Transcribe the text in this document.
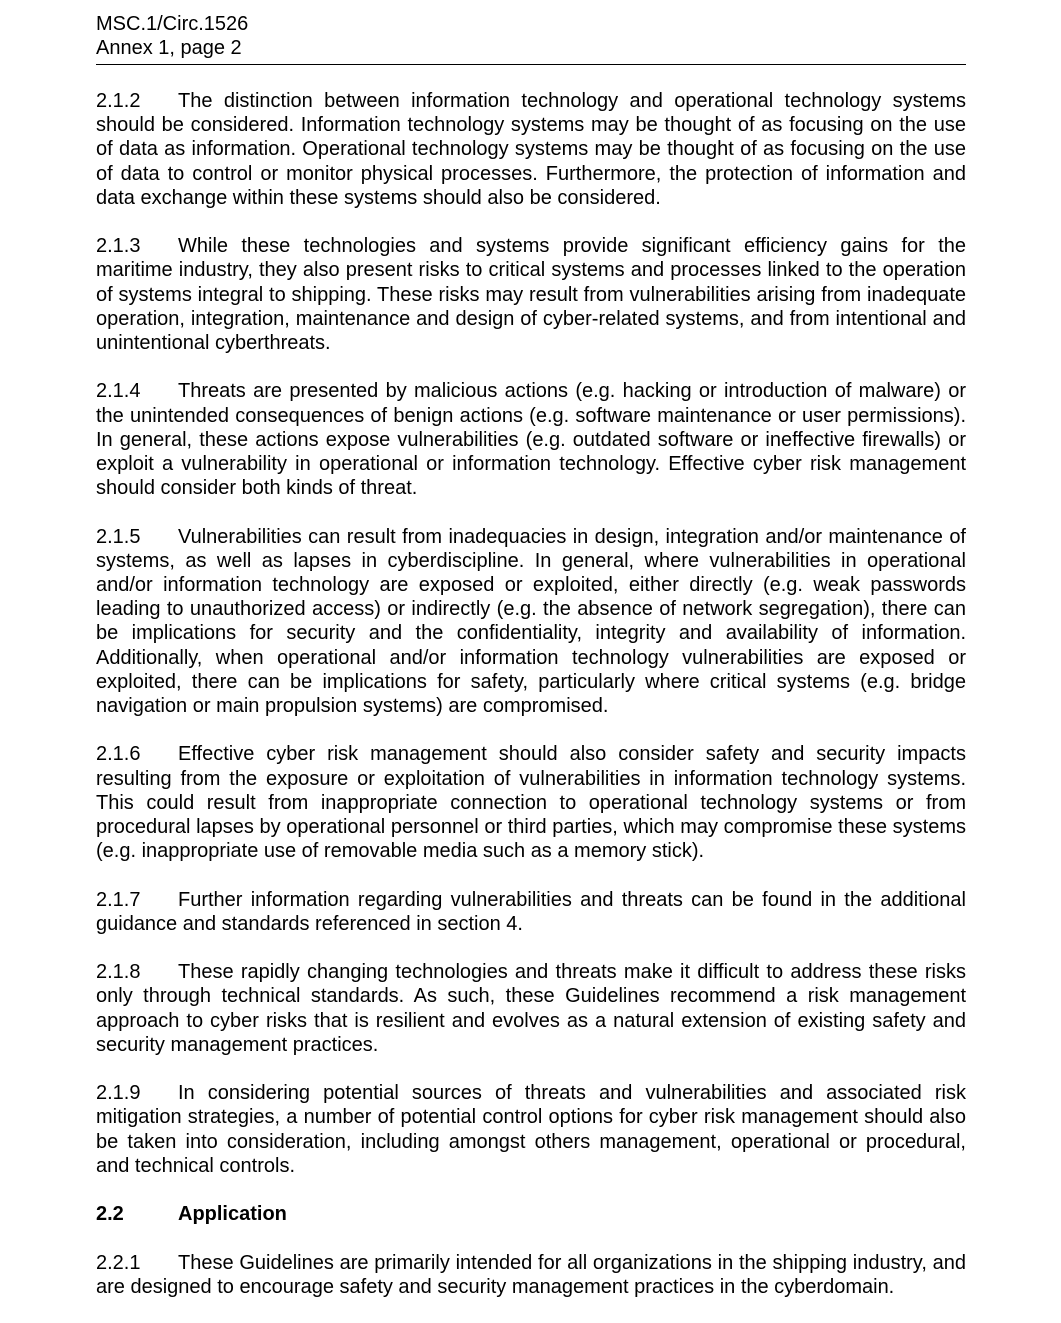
MSC.1/Circ.1526
Annex 1, page 2

2.1.2 The distinction between information technology and operational technology systems should be considered. Information technology systems may be thought of as focusing on the use of data as information. Operational technology systems may be thought of as focusing on the use of data to control or monitor physical processes. Furthermore, the protection of information and data exchange within these systems should also be considered.

2.1.3 While these technologies and systems provide significant efficiency gains for the maritime industry, they also present risks to critical systems and processes linked to the operation of systems integral to shipping. These risks may result from vulnerabilities arising from inadequate operation, integration, maintenance and design of cyber-related systems, and from intentional and unintentional cyberthreats.

2.1.4 Threats are presented by malicious actions (e.g. hacking or introduction of malware) or the unintended consequences of benign actions (e.g. software maintenance or user permissions). In general, these actions expose vulnerabilities (e.g. outdated software or ineffective firewalls) or exploit a vulnerability in operational or information technology. Effective cyber risk management should consider both kinds of threat.

2.1.5 Vulnerabilities can result from inadequacies in design, integration and/or maintenance of systems, as well as lapses in cyberdiscipline. In general, where vulnerabilities in operational and/or information technology are exposed or exploited, either directly (e.g. weak passwords leading to unauthorized access) or indirectly (e.g. the absence of network segregation), there can be implications for security and the confidentiality, integrity and availability of information. Additionally, when operational and/or information technology vulnerabilities are exposed or exploited, there can be implications for safety, particularly where critical systems (e.g. bridge navigation or main propulsion systems) are compromised.

2.1.6 Effective cyber risk management should also consider safety and security impacts resulting from the exposure or exploitation of vulnerabilities in information technology systems. This could result from inappropriate connection to operational technology systems or from procedural lapses by operational personnel or third parties, which may compromise these systems (e.g. inappropriate use of removable media such as a memory stick).

2.1.7 Further information regarding vulnerabilities and threats can be found in the additional guidance and standards referenced in section 4.

2.1.8 These rapidly changing technologies and threats make it difficult to address these risks only through technical standards. As such, these Guidelines recommend a risk management approach to cyber risks that is resilient and evolves as a natural extension of existing safety and security management practices.

2.1.9 In considering potential sources of threats and vulnerabilities and associated risk mitigation strategies, a number of potential control options for cyber risk management should also be taken into consideration, including amongst others management, operational or procedural, and technical controls.

2.2	Application

2.2.1 These Guidelines are primarily intended for all organizations in the shipping industry, and are designed to encourage safety and security management practices in the cyberdomain.
